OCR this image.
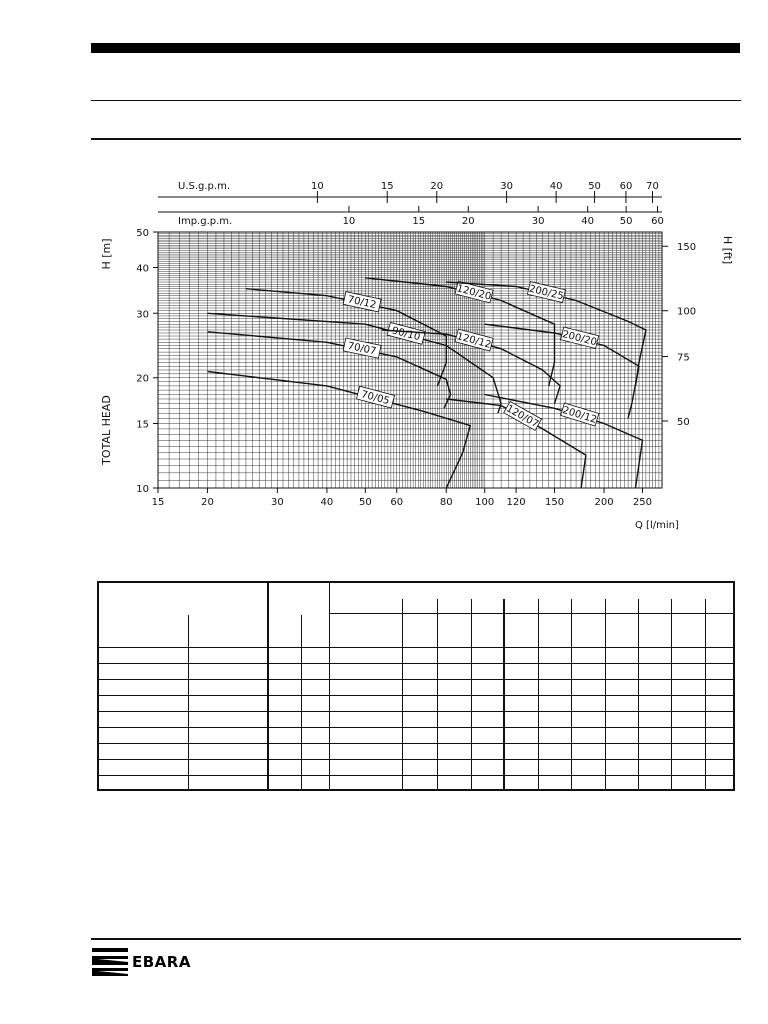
15	20	30	40	50 60	80 100 120 150	200 250
10
15
20
30
40
50
50
75
100
150
U.S.g.p.m.
Imp.g.p.m.
10	15	20	30	40	50 60 70
10	15	20	30	40	50 60
Q [l/min]
H [m]
TOTAL HEAD
H [ft]
70/05
70/07
70/12
90/10
120/07
120/12
120/20
200/12
200/20
200/25
EBARA
